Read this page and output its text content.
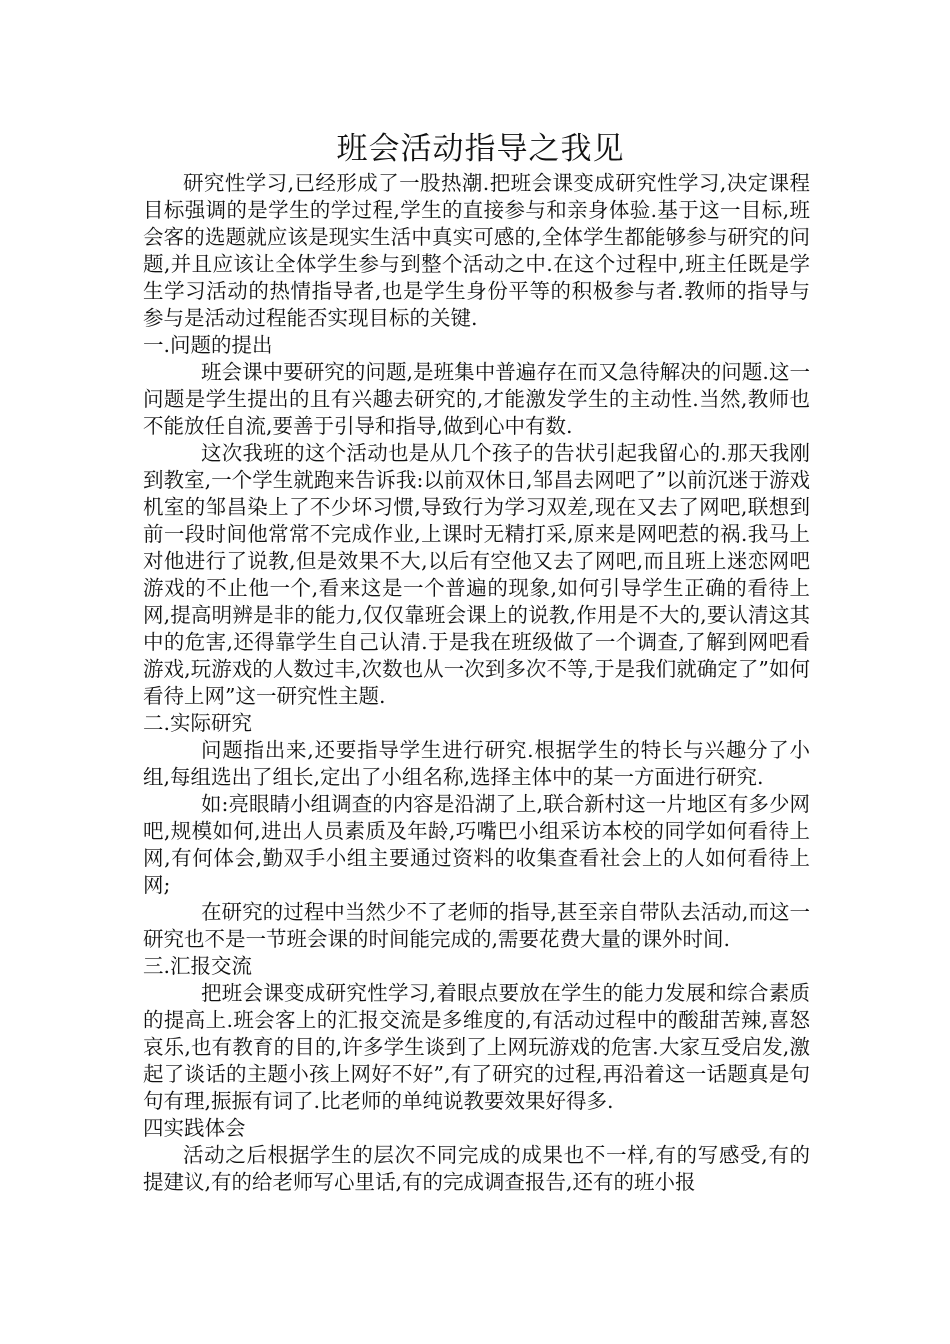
班会活动指导之我见

研究性学习,已经形成了一股热潮.把班会课变成研究性学习,决定课程目标强调的是学生的学过程,学生的直接参与和亲身体验.基于这一目标,班会客的选题就应该是现实生活中真实可感的,全体学生都能够参与研究的问题,并且应该让全体学生参与到整个活动之中.在这个过程中,班主任既是学生学习活动的热情指导者,也是学生身份平等的积极参与者.教师的指导与参与是活动过程能否实现目标的关键.

一.问题的提出

班会课中要研究的问题,是班集中普遍存在而又急待解决的问题.这一问题是学生提出的且有兴趣去研究的,才能激发学生的主动性.当然,教师也不能放任自流,要善于引导和指导,做到心中有数.

这次我班的这个活动也是从几个孩子的告状引起我留心的.那天我刚到教室,一个学生就跑来告诉我:以前双休日,邹昌去网吧了”以前沉迷于游戏机室的邹昌染上了不少坏习惯,导致行为学习双差,现在又去了网吧,联想到前一段时间他常常不完成作业,上课时无精打采,原来是网吧惹的祸.我马上对他进行了说教,但是效果不大,以后有空他又去了网吧,而且班上迷恋网吧游戏的不止他一个,看来这是一个普遍的现象,如何引导学生正确的看待上网,提高明辨是非的能力,仅仅靠班会课上的说教,作用是不大的,要认清这其中的危害,还得靠学生自己认清.于是我在班级做了一个调查,了解到网吧看游戏,玩游戏的人数过丰,次数也从一次到多次不等,于是我们就确定了”如何看待上网”这一研究性主题.

二.实际研究

问题指出来,还要指导学生进行研究.根据学生的特长与兴趣分了小组,每组选出了组长,定出了小组名称,选择主体中的某一方面进行研究.

如:亮眼睛小组调查的内容是沿湖了上,联合新村这一片地区有多少网吧,规模如何,进出人员素质及年龄,巧嘴巴小组采访本校的同学如何看待上网,有何体会,勤双手小组主要通过资料的收集查看社会上的人如何看待上网;

在研究的过程中当然少不了老师的指导,甚至亲自带队去活动,而这一研究也不是一节班会课的时间能完成的,需要花费大量的课外时间.

三.汇报交流

把班会课变成研究性学习,着眼点要放在学生的能力发展和综合素质的提高上.班会客上的汇报交流是多维度的,有活动过程中的酸甜苦辣,喜怒哀乐,也有教育的目的,许多学生谈到了上网玩游戏的危害.大家互受启发,激起了谈话的主题小孩上网好不好”,有了研究的过程,再沿着这一话题真是句句有理,振振有词了.比老师的单纯说教要效果好得多.

四实践体会

活动之后根据学生的层次不同完成的成果也不一样,有的写感受,有的提建议,有的给老师写心里话,有的完成调查报告,还有的班小报
